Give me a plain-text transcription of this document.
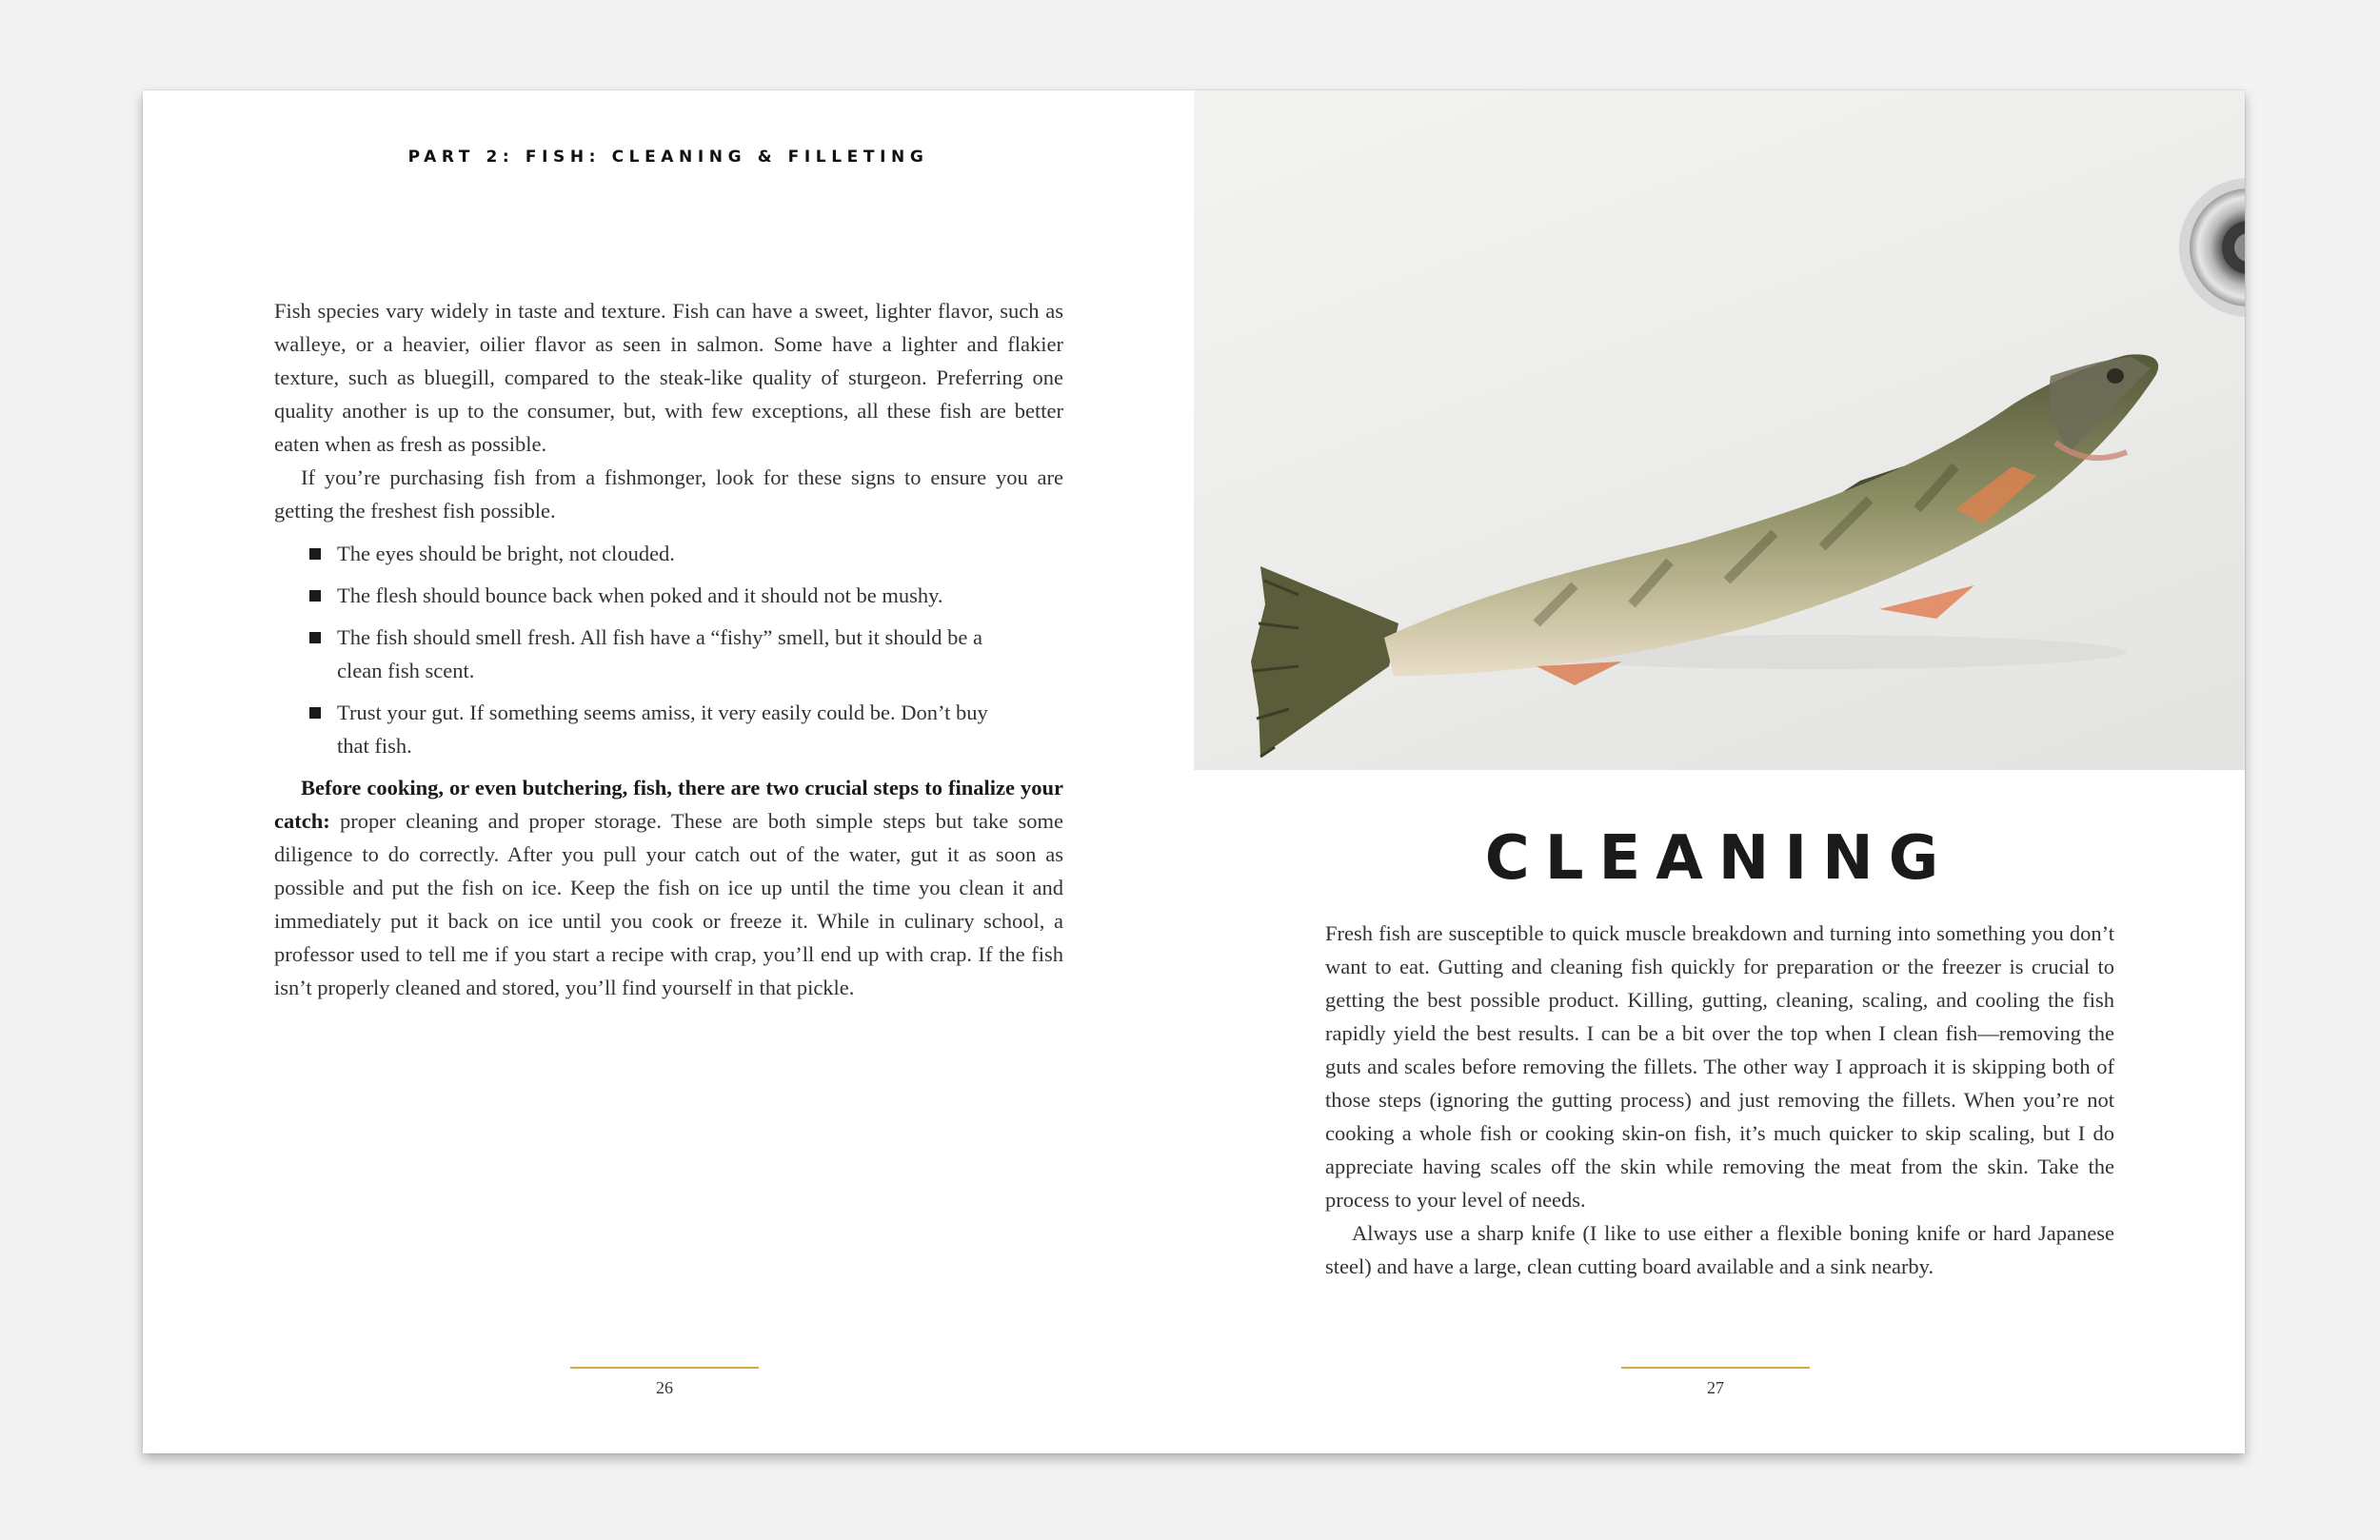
PART 2: FISH: CLEANING & FILLETING

Fish species vary widely in taste and texture. Fish can have a sweet, lighter flavor, such as walleye, or a heavier, oilier flavor as seen in salmon. Some have a lighter and flakier texture, such as bluegill, compared to the steak-like quality of sturgeon. Preferring one quality another is up to the consumer, but, with few exceptions, all these fish are better eaten when as fresh as possible.

If you’re purchasing fish from a fishmonger, look for these signs to ensure you are getting the freshest fish possible.

The eyes should be bright, not clouded.
The flesh should bounce back when poked and it should not be mushy.
The fish should smell fresh. All fish have a “fishy” smell, but it should be a clean fish scent.
Trust your gut. If something seems amiss, it very easily could be. Don’t buy that fish.

Before cooking, or even butchering, fish, there are two crucial steps to finalize your catch: proper cleaning and proper storage. These are both simple steps but take some diligence to do correctly. After you pull your catch out of the water, gut it as soon as possible and put the fish on ice. Keep the fish on ice up until the time you clean it and immediately put it back on ice until you cook or freeze it. While in culinary school, a professor used to tell me if you start a recipe with crap, you’ll end up with crap. If the fish isn’t properly cleaned and stored, you’ll find yourself in that pickle.

26
CLEANING

Fresh fish are susceptible to quick muscle breakdown and turning into something you don’t want to eat. Gutting and cleaning fish quickly for preparation or the freezer is crucial to getting the best possible product. Killing, gutting, cleaning, scaling, and cooling the fish rapidly yield the best results. I can be a bit over the top when I clean fish—removing the guts and scales before removing the fillets. The other way I approach it is skipping both of those steps (ignoring the gutting process) and just removing the fillets. When you’re not cooking a whole fish or cooking skin-on fish, it’s much quicker to skip scaling, but I do appreciate having scales off the skin while removing the meat from the skin. Take the process to your level of needs.

Always use a sharp knife (I like to use either a flexible boning knife or hard Japanese steel) and have a large, clean cutting board available and a sink nearby.

27
